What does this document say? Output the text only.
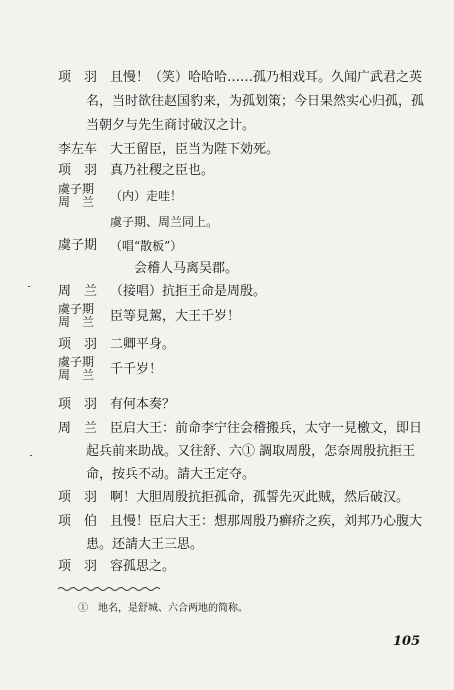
项　羽 且慢！（笑）哈哈哈……孤乃相戏耳。久闻广武君之英
名，当时欲往赵国豹来，为孤划策；今日果然实心归孤，孤
当朝夕与先生商讨破汉之计。
李左车 大王留臣，臣当为陛下効死。
项　羽 真乃社稷之臣也。
虞子期
周　兰 （内）走哇！
虞子期、周兰同上。
虞子期 （唱“散板”）
会稽人马离吴郡。
周　兰 （接唱）抗拒王命是周殷。
虞子期
周　兰 臣等見駕，大王千岁！
项　羽 二卿平身。
虞子期
周　兰 千千岁！
项　羽 有何本奏？
周　兰 臣启大王：前命李宁往会稽搬兵，太守一見檄文，即日
起兵前来助战。又往舒、六① 調取周殷，怎奈周殷抗拒王
命，按兵不动。請大王定夺。
项　羽 啊！大胆周殷抗拒孤命，孤誓先灭此贼，然后破汉。
项　伯 且慢！臣启大王：想那周殷乃癣疥之疾，刘邦乃心腹大
患。还請大王三思。
项　羽 容孤思之。
①　地名，是舒城、六合两地的简称。
105
